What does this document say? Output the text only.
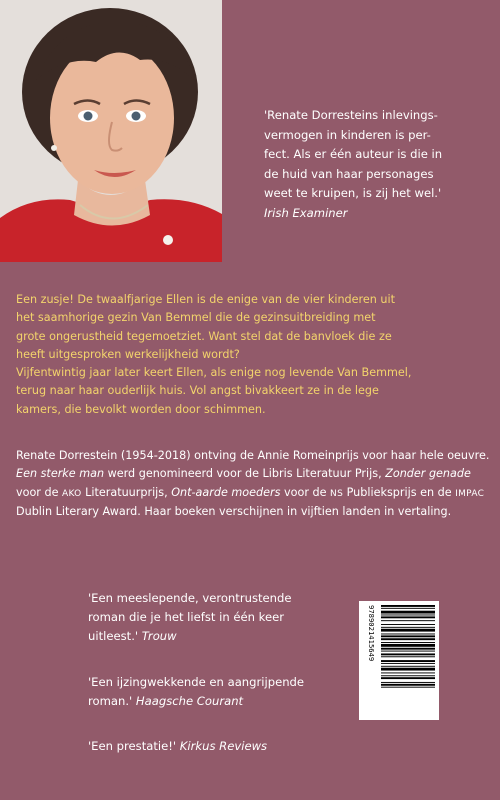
'Renate Dorresteins inlevings-
vermogen in kinderen is per-
fect. Als er één auteur is die in
de huid van haar personages
weet te kruipen, is zij het wel.'
Irish Examiner

Een zusje! De twaalfjarige Ellen is de enige van de vier kinderen uit

het saamhorige gezin Van Bemmel die de gezinsuitbreiding met

grote ongerustheid tegemoetziet. Want stel dat de banvloek die ze

heeft uitgesproken werkelijkheid wordt?

Vijfentwintig jaar later keert Ellen, als enige nog levende Van Bemmel,

terug naar haar ouderlijk huis. Vol angst bivakkeert ze in de lege

kamers, die bevolkt worden door schimmen.

Renate Dorrestein (1954-2018) ontving de Annie Romeinprijs voor haar hele oeuvre. Een sterke man werd genomineerd voor de Libris Literatuur Prijs, Zonder genade voor de AKO Literatuurprijs, Ont-aarde moeders voor de NS Publieksprijs en de IMPAC Dublin Literary Award. Haar boeken verschijnen in vijftien landen in vertaling.
'Een meeslepende, verontrustende
roman die je het liefst in één keer
uitleest.' Trouw
'Een ijzingwekkende en aangrijpende
roman.' Haagsche Courant
'Een prestatie!' Kirkus Reviews
9789021415649
